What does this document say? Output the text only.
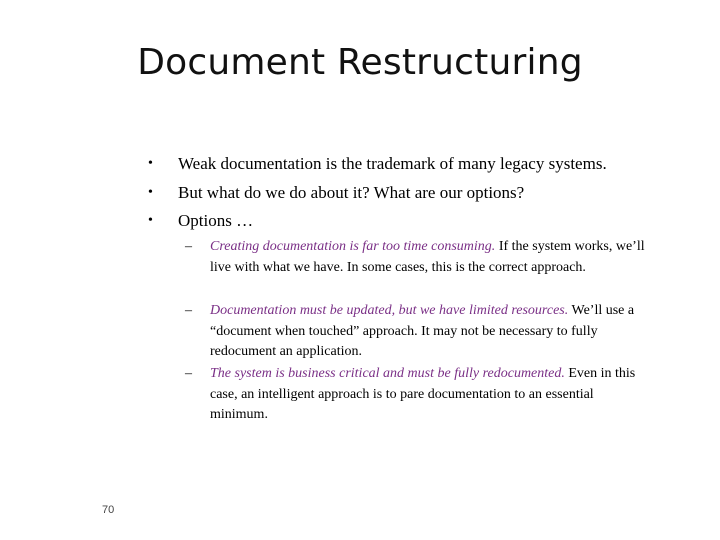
Document Restructuring
•	Weak documentation is the trademark of many legacy systems.
•	But what do we do about it? What are our options?
•	Options …
– Creating documentation is far too time consuming. If the system works, we’ll live with what we have. In some cases, this is the correct approach.
– Documentation must be updated, but we have limited resources. We’ll use a “document when touched” approach. It may not be necessary to fully redocument an application.
– The system is business critical and must be fully redocumented. Even in this case, an intelligent approach is to pare documentation to an essential minimum.
70
